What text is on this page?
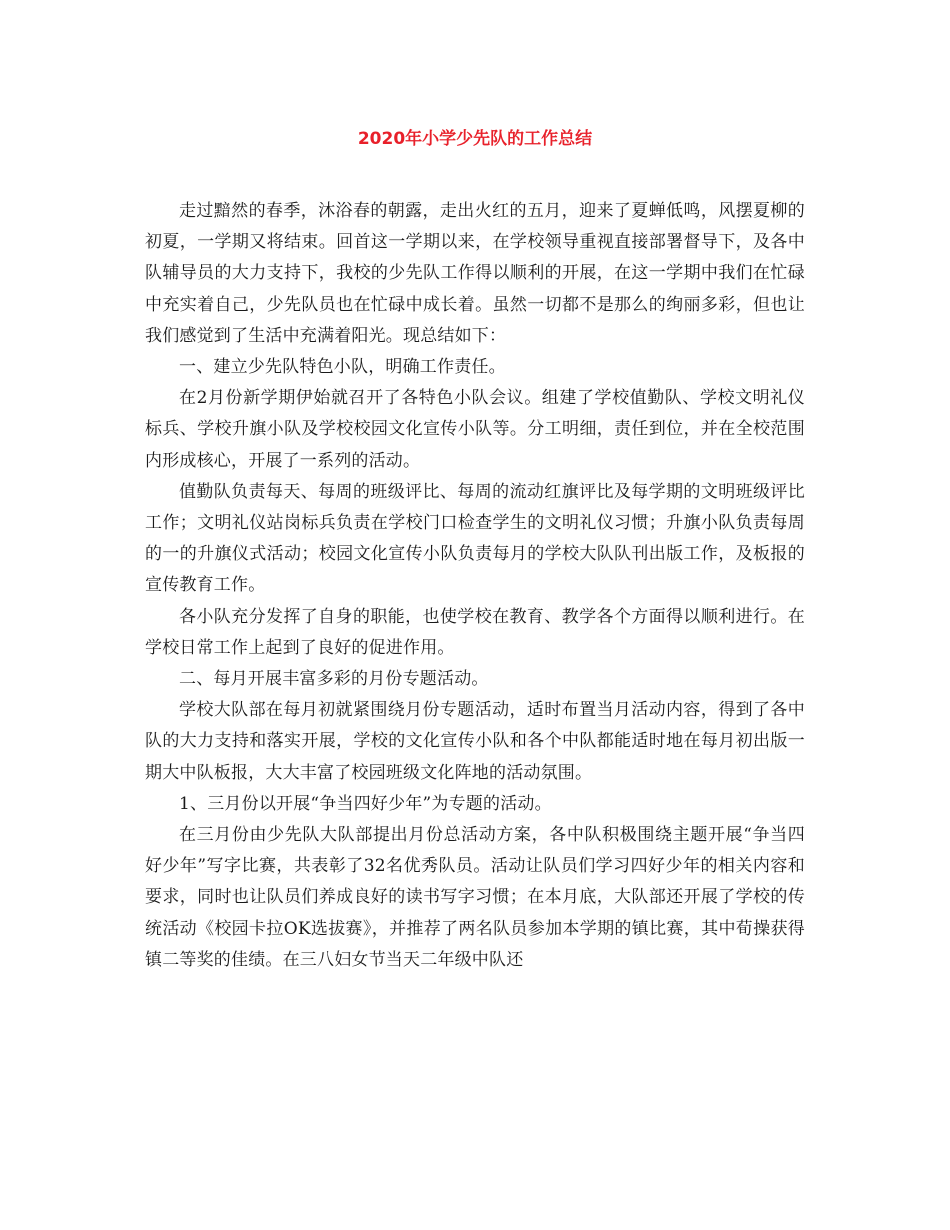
2020年小学少先队的工作总结

走过黯然的春季，沐浴春的朝露，走出火红的五月，迎来了夏蝉低鸣，风摆夏柳的初夏，一学期又将结束。回首这一学期以来，在学校领导重视直接部署督导下，及各中队辅导员的大力支持下，我校的少先队工作得以顺利的开展，在这一学期中我们在忙碌中充实着自己，少先队员也在忙碌中成长着。虽然一切都不是那么的绚丽多彩，但也让我们感觉到了生活中充满着阳光。现总结如下：

一、建立少先队特色小队，明确工作责任。

在2月份新学期伊始就召开了各特色小队会议。组建了学校值勤队、学校文明礼仪标兵、学校升旗小队及学校校园文化宣传小队等。分工明细，责任到位，并在全校范围内形成核心，开展了一系列的活动。

值勤队负责每天、每周的班级评比、每周的流动红旗评比及每学期的文明班级评比工作；文明礼仪站岗标兵负责在学校门口检查学生的文明礼仪习惯；升旗小队负责每周的一的升旗仪式活动；校园文化宣传小队负责每月的学校大队队刊出版工作，及板报的宣传教育工作。

各小队充分发挥了自身的职能，也使学校在教育、教学各个方面得以顺利进行。在学校日常工作上起到了良好的促进作用。

二、每月开展丰富多彩的月份专题活动。

学校大队部在每月初就紧围绕月份专题活动，适时布置当月活动内容，得到了各中队的大力支持和落实开展，学校的文化宣传小队和各个中队都能适时地在每月初出版一期大中队板报，大大丰富了校园班级文化阵地的活动氛围。

1、三月份以开展“争当四好少年”为专题的活动。

在三月份由少先队大队部提出月份总活动方案，各中队积极围绕主题开展“争当四好少年”写字比赛，共表彰了32名优秀队员。活动让队员们学习四好少年的相关内容和要求，同时也让队员们养成良好的读书写字习惯；在本月底，大队部还开展了学校的传统活动《校园卡拉OK选拔赛》，并推荐了两名队员参加本学期的镇比赛，其中荀操获得镇二等奖的佳绩。在三八妇女节当天二年级中队还
